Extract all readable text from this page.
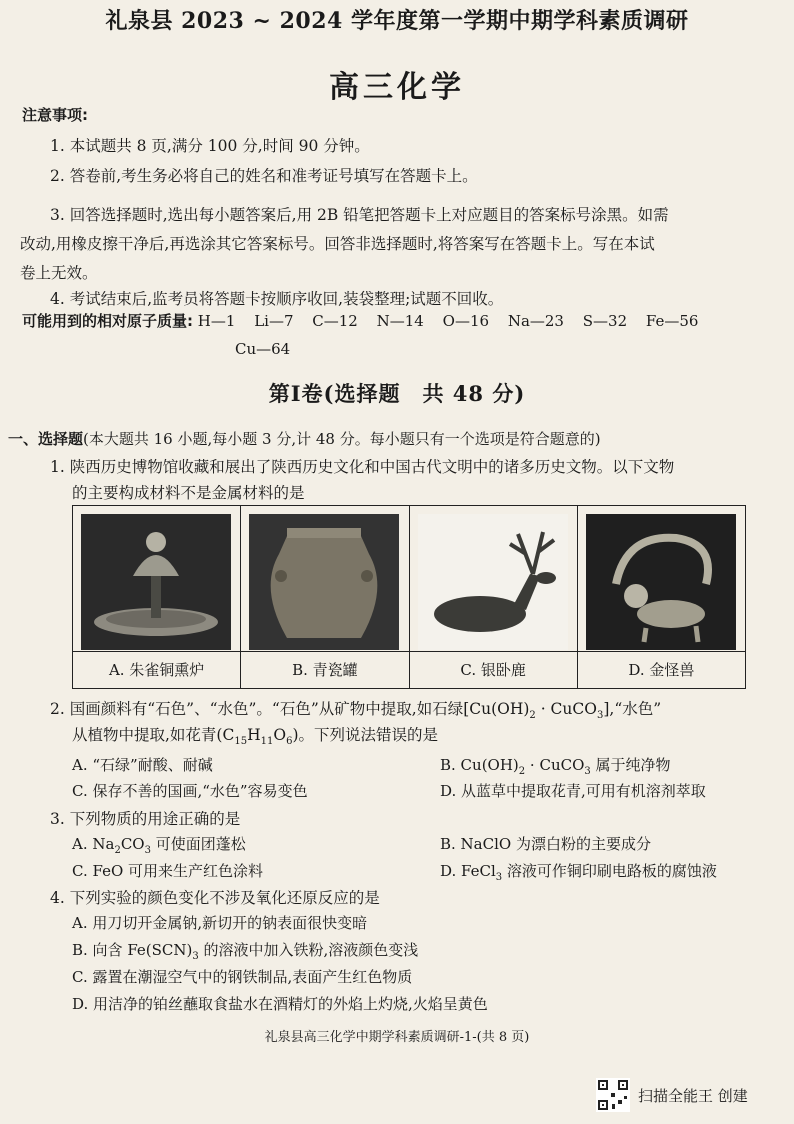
礼泉县 2023 ~ 2024 学年度第一学期中期学科素质调研
高三化学
注意事项:
1. 本试题共 8 页,满分 100 分,时间 90 分钟。
2. 答卷前,考生务必将自己的姓名和准考证号填写在答题卡上。
3. 回答选择题时,选出每小题答案后,用 2B 铅笔把答题卡上对应题目的答案标号涂黑。如需
改动,用橡皮擦干净后,再选涂其它答案标号。回答非选择题时,将答案写在答题卡上。写在本试
卷上无效。
4. 考试结束后,监考员将答题卡按顺序收回,装袋整理;试题不回收。
可能用到的相对原子质量: H—1 Li—7 C—12 N—14 O—16 Na—23 S—32 Fe—56
Cu—64
第Ⅰ卷(选择题　共 48 分)
一、选择题(本大题共 16 小题,每小题 3 分,计 48 分。每小题只有一个选项是符合题意的)
1. 陕西历史博物馆收藏和展出了陕西历史文化和中国古代文明中的诸多历史文物。以下文物
的主要构成材料不是金属材料的是
A. 朱雀铜熏炉	B. 青瓷罐	C. 银卧鹿	D. 金怪兽
2. 国画颜料有“石色”、“水色”。“石色”从矿物中提取,如石绿[$Cu(OH)_2$ · CuCO$_3$],“水色”
从植物中提取,如花青$(C_{15}H_{11}O_6)$。下列说法错误的是
A. “石绿”耐酸、耐碱	B. $Cu(OH)_2$ · CuCO$_3$ 属于纯净物
C. 保存不善的国画,“水色”容易变色	D. 从蓝草中提取花青,可用有机溶剂萃取
3. 下列物质的用途正确的是
A. $Na_2CO_3$ 可使面团蓬松	B. NaClO 为漂白粉的主要成分
C. FeO 可用来生产红色涂料	D. FeCl$_3$ 溶液可作铜印刷电路板的腐蚀液
4. 下列实验的颜色变化不涉及氧化还原反应的是
A. 用刀切开金属钠,新切开的钠表面很快变暗
B. 向含 $Fe(SCN)_3$ 的溶液中加入铁粉,溶液颜色变浅
C. 露置在潮湿空气中的钢铁制品,表面产生红色物质
D. 用洁净的铂丝蘸取食盐水在酒精灯的外焰上灼烧,火焰呈黄色
礼泉县高三化学中期学科素质调研-1-(共 8 页)
扫描全能王 创建
